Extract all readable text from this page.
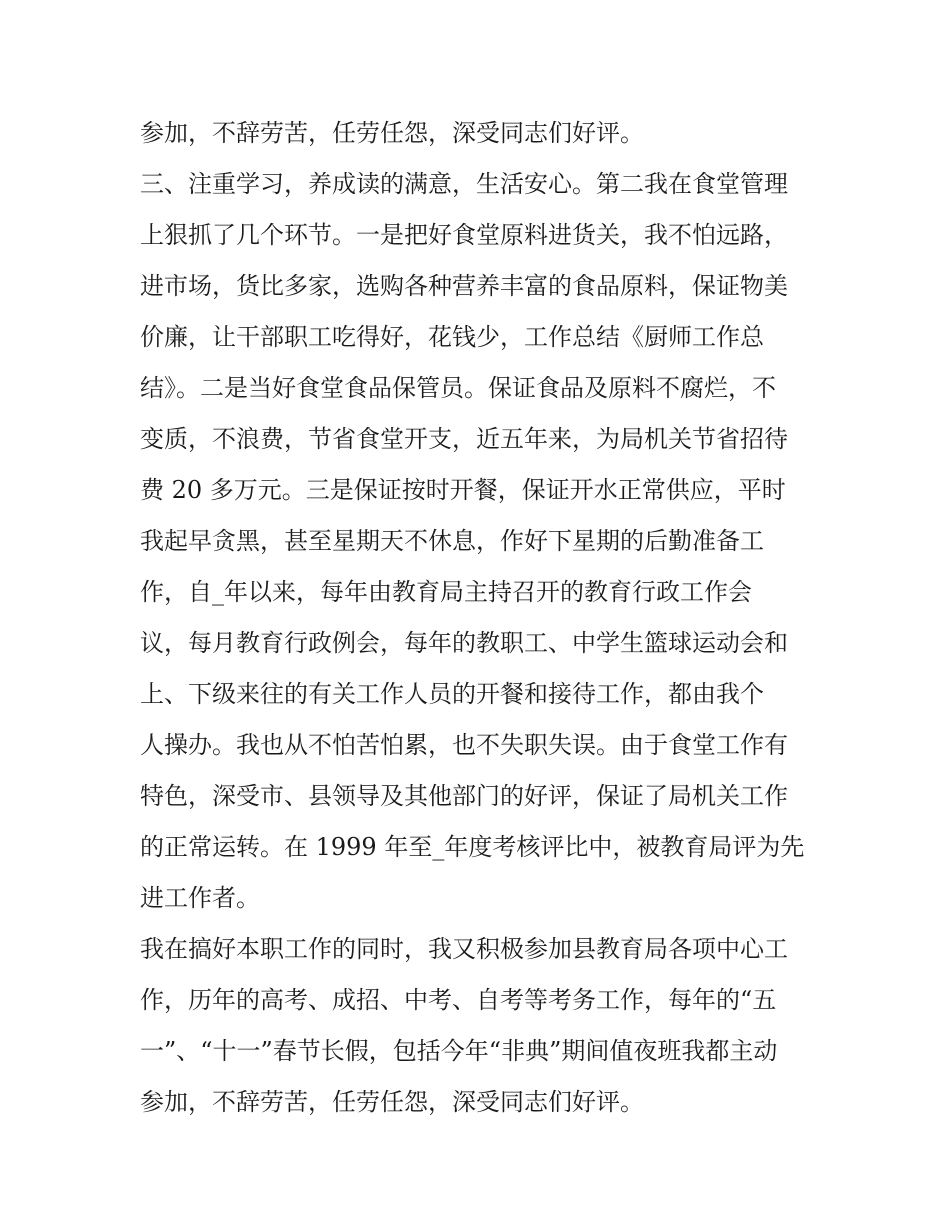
参加，不辞劳苦，任劳任怨，深受同志们好评。
三、注重学习，养成读的满意，生活安心。第二我在食堂管理
上狠抓了几个环节。一是把好食堂原料进货关，我不怕远路，
进市场，货比多家，选购各种营养丰富的食品原料，保证物美
价廉，让干部职工吃得好，花钱少，工作总结《厨师工作总
结》。二是当好食堂食品保管员。保证食品及原料不腐烂，不
变质，不浪费，节省食堂开支，近五年来，为局机关节省招待
费 20 多万元。三是保证按时开餐，保证开水正常供应，平时
我起早贪黑，甚至星期天不休息，作好下星期的后勤准备工
作，自_年以来，每年由教育局主持召开的教育行政工作会
议，每月教育行政例会，每年的教职工、中学生篮球运动会和
上、下级来往的有关工作人员的开餐和接待工作，都由我个
人操办。我也从不怕苦怕累，也不失职失误。由于食堂工作有
特色，深受市、县领导及其他部门的好评，保证了局机关工作
的正常运转。在 1999 年至_年度考核评比中，被教育局评为先
进工作者。
我在搞好本职工作的同时，我又积极参加县教育局各项中心工
作，历年的高考、成招、中考、自考等考务工作，每年的“五
一”、“十一”春节长假，包括今年“非典”期间值夜班我都主动
参加，不辞劳苦，任劳任怨，深受同志们好评。
